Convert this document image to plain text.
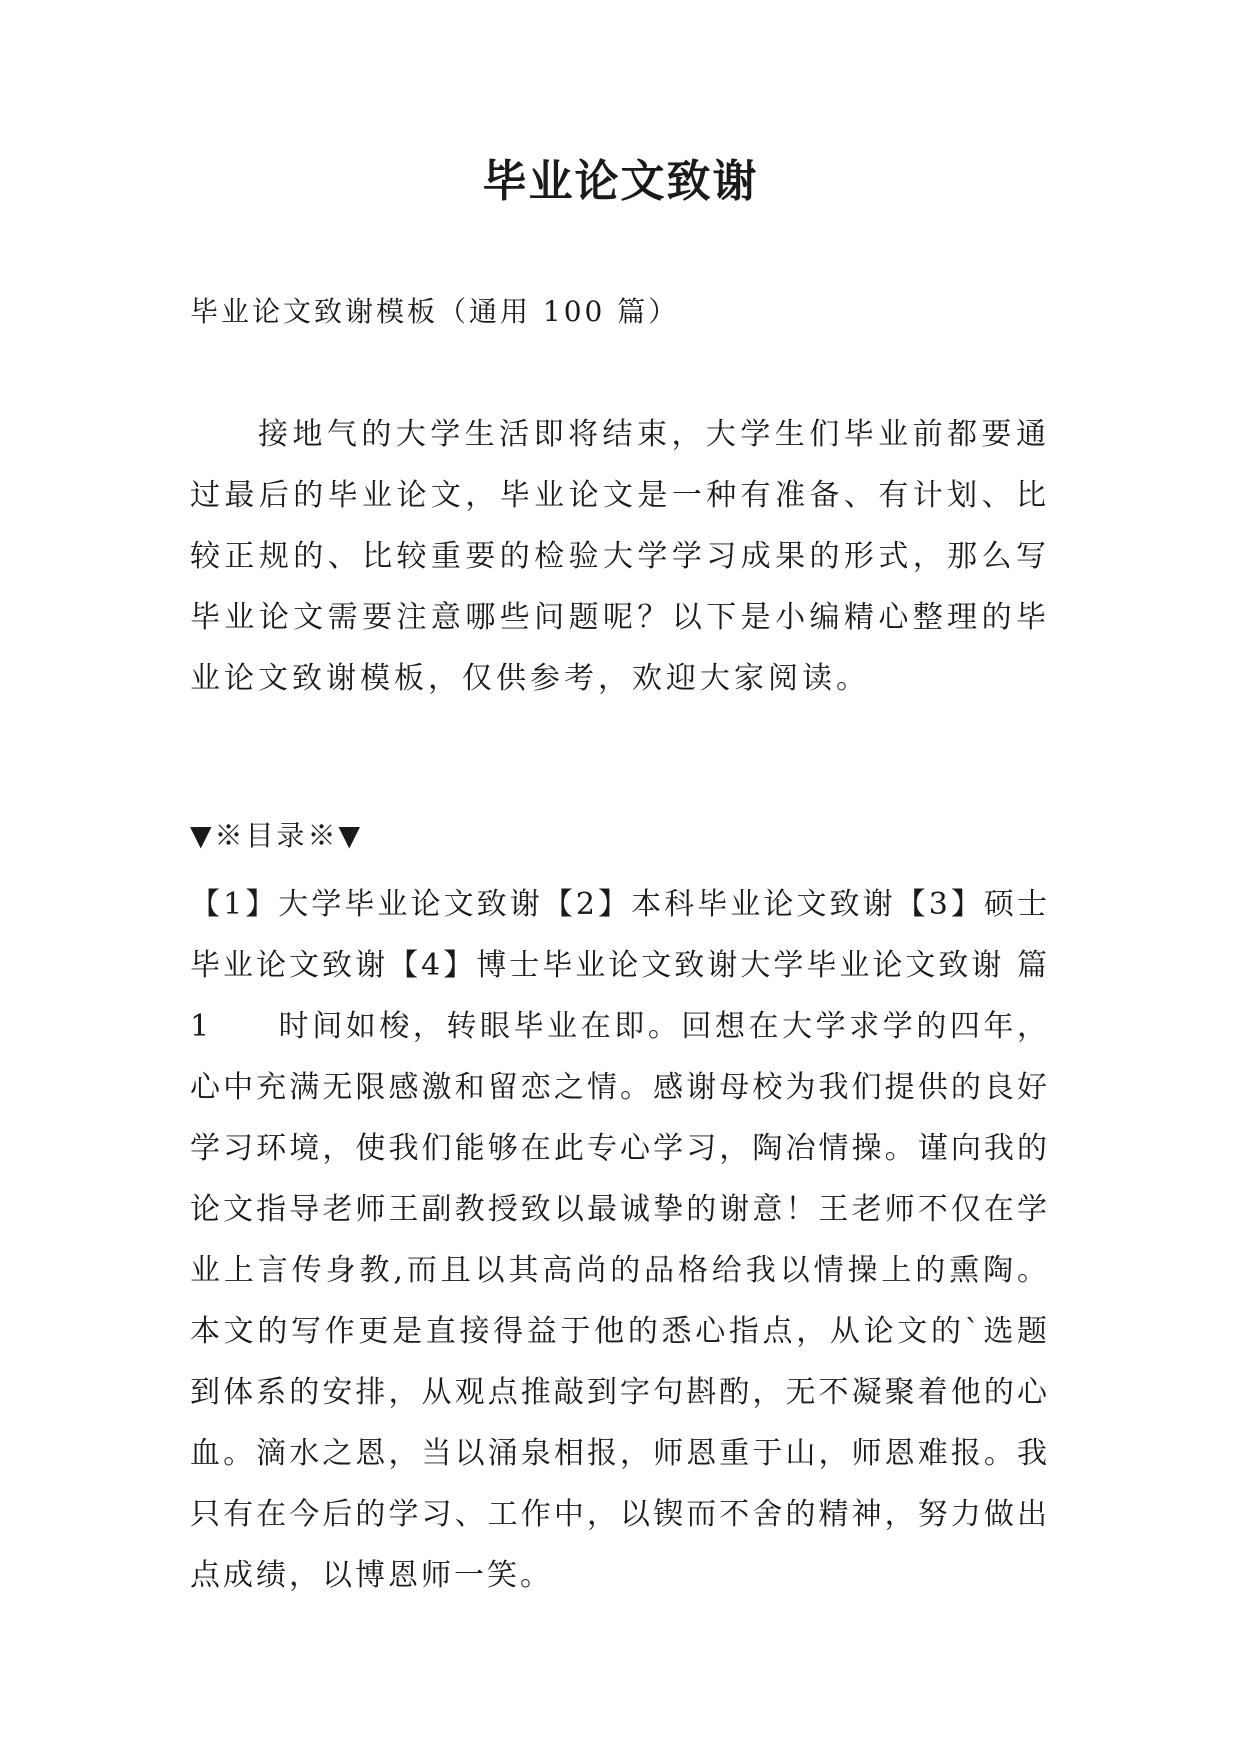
毕业论文致谢

毕业论文致谢模板（通用 100 篇）

接地气的大学生活即将结束，大学生们毕业前都要通过最后的毕业论文，毕业论文是一种有准备、有计划、比较正规的、比较重要的检验大学学习成果的形式，那么写毕业论文需要注意哪些问题呢？以下是小编精心整理的毕业论文致谢模板，仅供参考，欢迎大家阅读。

▼※目录※▼

【1】大学毕业论文致谢【2】本科毕业论文致谢【3】硕士毕业论文致谢【4】博士毕业论文致谢大学毕业论文致谢 篇 1   时间如梭，转眼毕业在即。回想在大学求学的四年，心中充满无限感激和留恋之情。感谢母校为我们提供的良好学习环境，使我们能够在此专心学习，陶冶情操。谨向我的论文指导老师王副教授致以最诚挚的谢意！王老师不仅在学业上言传身教,而且以其高尚的品格给我以情操上的熏陶。本文的写作更是直接得益于他的悉心指点，从论文的`选题到体系的安排，从观点推敲到字句斟酌，无不凝聚着他的心血。滴水之恩，当以涌泉相报，师恩重于山，师恩难报。我只有在今后的学习、工作中，以锲而不舍的精神，努力做出点成绩，以博恩师一笑。
